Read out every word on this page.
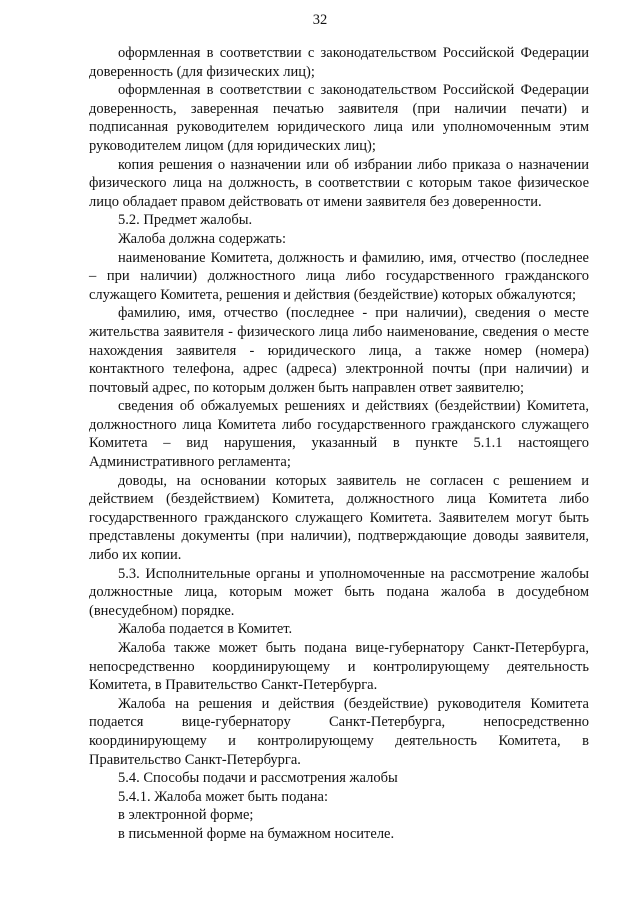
32

оформленная в соответствии с законодательством Российской Федерации доверенность (для физических лиц);

оформленная в соответствии с законодательством Российской Федерации доверенность, заверенная печатью заявителя (при наличии печати) и подписанная руководителем юридического лица или уполномоченным этим руководителем лицом (для юридических лиц);

копия решения о назначении или об избрании либо приказа о назначении физического лица на должность, в соответствии с которым такое физическое лицо обладает правом действовать от имени заявителя без доверенности.

5.2. Предмет жалобы.

Жалоба должна содержать:

наименование Комитета, должность и фамилию, имя, отчество (последнее – при наличии) должностного лица либо государственного гражданского служащего Комитета, решения и действия (бездействие) которых обжалуются;

фамилию, имя, отчество (последнее - при наличии), сведения о месте жительства заявителя - физического лица либо наименование, сведения о месте нахождения заявителя - юридического лица, а также номер (номера) контактного телефона, адрес (адреса) электронной почты (при наличии) и почтовый адрес, по которым должен быть направлен ответ заявителю;

сведения об обжалуемых решениях и действиях (бездействии) Комитета, должностного лица Комитета либо государственного гражданского служащего Комитета – вид нарушения, указанный в пункте 5.1.1 настоящего Административного регламента;

доводы, на основании которых заявитель не согласен с решением и действием (бездействием) Комитета, должностного лица Комитета либо государственного гражданского служащего Комитета. Заявителем могут быть представлены документы (при наличии), подтверждающие доводы заявителя, либо их копии.

5.3. Исполнительные органы и уполномоченные на рассмотрение жалобы должностные лица, которым может быть подана жалоба в досудебном (внесудебном) порядке.

Жалоба подается в Комитет.

Жалоба также может быть подана вице-губернатору Санкт-Петербурга, непосредственно координирующему и контролирующему деятельность Комитета, в Правительство Санкт-Петербурга.

Жалоба на решения и действия (бездействие) руководителя Комитета подается вице-губернатору Санкт-Петербурга, непосредственно координирующему и контролирующему деятельность Комитета, в Правительство Санкт-Петербурга.

5.4. Способы подачи и рассмотрения жалобы

5.4.1. Жалоба может быть подана:

в электронной форме;

в письменной форме на бумажном носителе.
